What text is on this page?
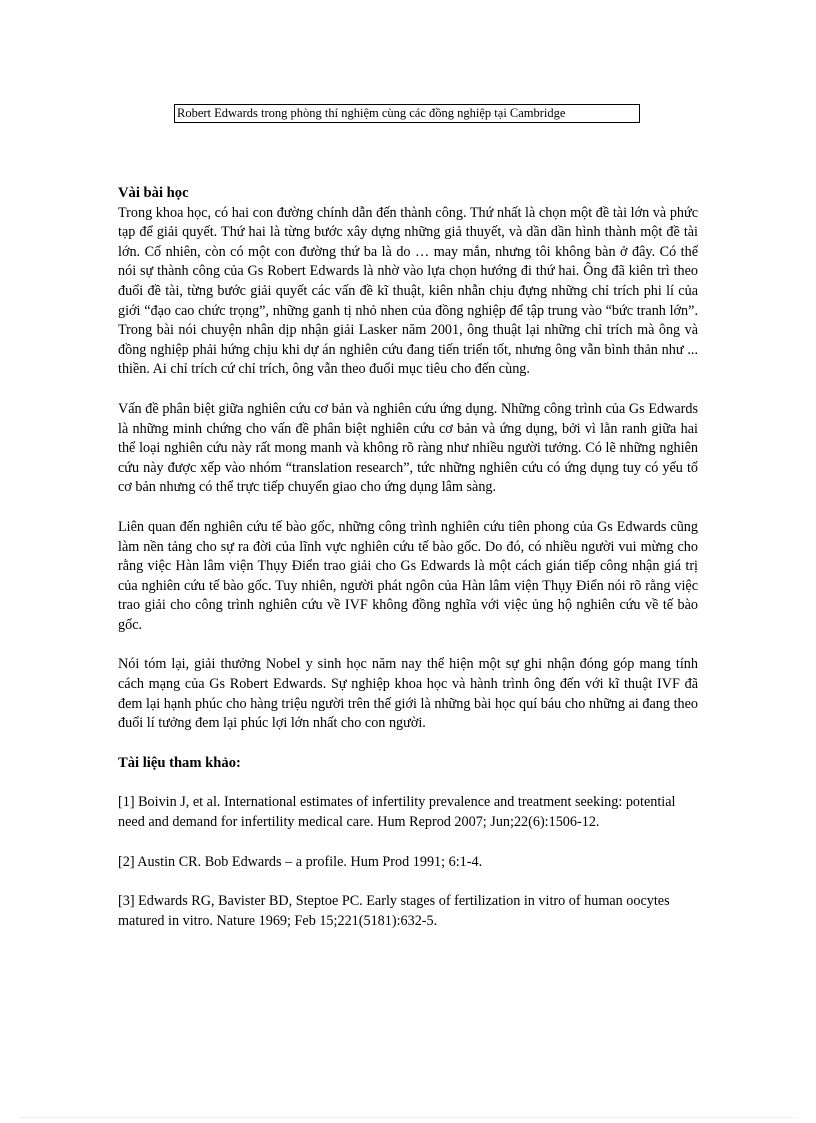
Robert Edwards trong phòng thí nghiệm cùng các đồng nghiệp tại Cambridge
Vài bài học

Trong khoa học, có hai con đường chính dẫn đến thành công. Thứ nhất là chọn một đề tài lớn và phức tạp để giải quyết. Thứ hai là từng bước xây dựng những giả thuyết, và dần dần hình thành một đề tài lớn. Cố nhiên, còn có một con đường thứ ba là do … may mắn, nhưng tôi không bàn ở đây. Có thể nói sự thành công của Gs Robert Edwards là nhờ vào lựa chọn hướng đi thứ hai. Ông đã kiên trì theo đuổi đề tài, từng bước giải quyết các vấn đề kĩ thuật, kiên nhẫn chịu đựng những chỉ trích phi lí của giới “đạo cao chức trọng”, những ganh tị nhỏ nhen của đồng nghiệp để tập trung vào “bức tranh lớn”. Trong bài nói chuyện nhân dịp nhận giải Lasker năm 2001, ông thuật lại những chỉ trích mà ông và đồng nghiệp phải hứng chịu khi dự án nghiên cứu đang tiến triển tốt, nhưng ông vẫn bình thản như ... thiền. Ai chỉ trích cứ chỉ trích, ông vẫn theo đuổi mục tiêu cho đến cùng.

Vấn đề phân biệt giữa nghiên cứu cơ bản và nghiên cứu ứng dụng. Những công trình của Gs Edwards là những minh chứng cho vấn đề phân biệt nghiên cứu cơ bản và ứng dụng, bởi vì lằn ranh giữa hai thể loại nghiên cứu này rất mong manh và không rõ ràng như nhiều người tưởng. Có lẽ những nghiên cứu này được xếp vào nhóm “translation research”, tức những nghiên cứu có ứng dụng tuy có yếu tố cơ bản nhưng có thể trực tiếp chuyển giao cho ứng dụng lâm sàng.

Liên quan đến nghiên cứu tế bào gốc, những công trình nghiên cứu tiên phong của Gs Edwards cũng làm nền tảng cho sự ra đời của lĩnh vực nghiên cứu tế bào gốc. Do đó, có nhiều người vui mừng cho rằng việc Hàn lâm viện Thụy Điển trao giải cho Gs Edwards là một cách gián tiếp công nhận giá trị của nghiên cứu tế bào gốc. Tuy nhiên, người phát ngôn của Hàn lâm viện Thụy Điển nói rõ rằng việc trao giải cho công trình nghiên cứu về IVF không đồng nghĩa với việc ủng hộ nghiên cứu về tế bào gốc.

Nói tóm lại, giải thưởng Nobel y sinh học năm nay thể hiện một sự ghi nhận đóng góp mang tính cách mạng của Gs Robert Edwards. Sự nghiệp khoa học và hành trình ông đến với kĩ thuật IVF đã đem lại hạnh phúc cho hàng triệu người trên thế giới là những bài học quí báu cho những ai đang theo đuổi lí tưởng đem lại phúc lợi lớn nhất cho con người.

Tài liệu tham khảo:

[1] Boivin J, et al. International estimates of infertility prevalence and treatment seeking: potential need and demand for infertility medical care. Hum Reprod 2007; Jun;22(6):1506-12.

[2] Austin CR. Bob Edwards – a profile. Hum Prod 1991; 6:1-4.

[3] Edwards RG, Bavister BD, Steptoe PC. Early stages of fertilization in vitro of human oocytes matured in vitro. Nature 1969; Feb 15;221(5181):632-5.
